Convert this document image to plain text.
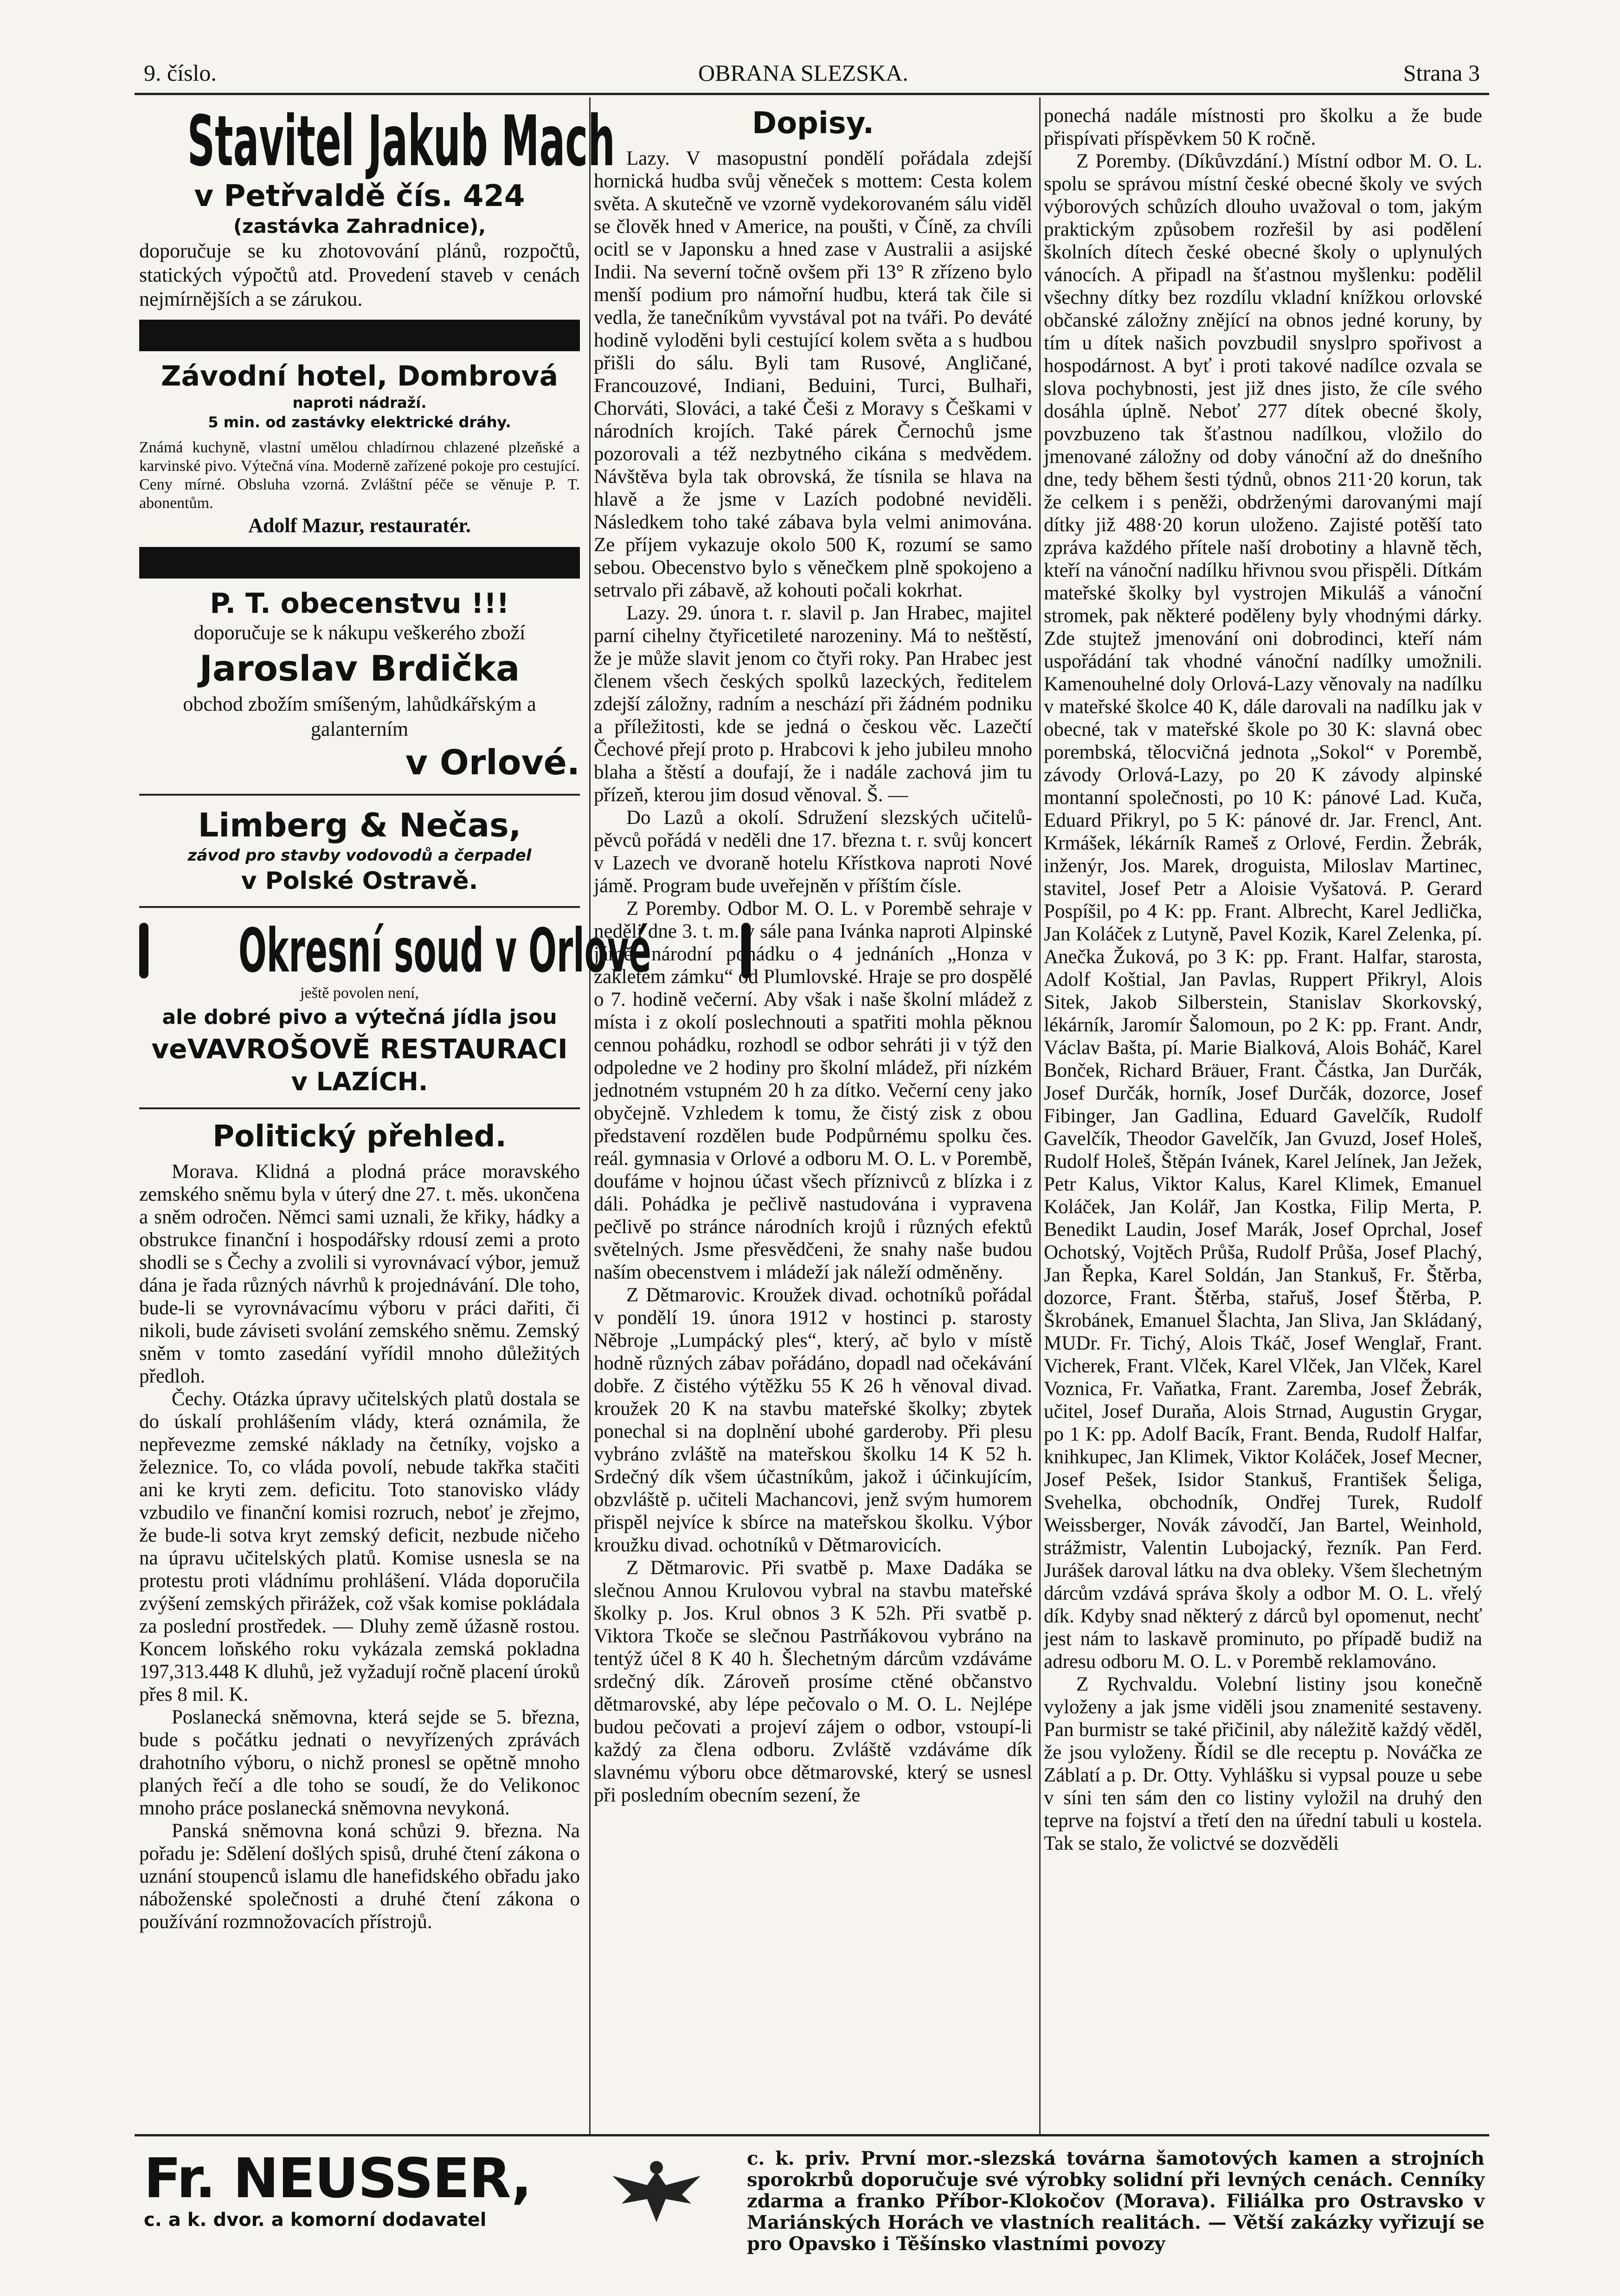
9. číslo.	OBRANA SLEZSKA.	Strana 3
Stavitel Jakub Mach
v Petřvaldě čís. 424
(zastávka Zahradnice),

doporučuje se ku zhotovování plánů, rozpočtů, statických výpočtů atd. Provedení staveb v cenách nejmírnějších a se zárukou.

Závodní hotel, Dombrová
naproti nádraží.
5 min. od zastávky elektrické dráhy.

Známá kuchyně, vlastní umělou chladírnou chlazené plzeňské a karvinské pivo. Výtečná vína. Moderně zařízené pokoje pro cestující. Ceny mírné. Obsluha vzorná. Zvláštní péče se věnuje P. T. abonentům.

Adolf Mazur, restauratér.
P. T. obecenstvu !!!
doporučuje se k nákupu veškerého zboží
Jaroslav Brdička
obchod zbožím smíšeným, lahůdkářským a galanterním
v Orlové.
Limberg & Nečas,
závod pro stavby vodovodů a čerpadel
v Polské Ostravě.
Okresní soud v Orlové
ještě povolen není,
ale dobré pivo a výtečná jídla jsou
veVAVROŠOVĚ RESTAURACI
v LAZÍCH.
Politický přehled.

Morava. Klidná a plodná práce moravského zemského sněmu byla v úterý dne 27. t. měs. ukončena a sněm odročen. Němci sami uznali, že křiky, hádky a obstrukce finanční i hospodářsky rdousí zemi a proto shodli se s Čechy a zvolili si vyrovnávací výbor, jemuž dána je řada různých návrhů k projednávání. Dle toho, bude-li se vyrovnávacímu výboru v práci dařiti, či nikoli, bude záviseti svolání zemského sněmu. Zemský sněm v tomto zasedání vyřídil mnoho důležitých předloh.

Čechy. Otázka úpravy učitelských platů dostala se do úskalí prohlášením vlády, která oznámila, že nepřevezme zemské náklady na četníky, vojsko a železnice. To, co vláda povolí, nebude takřka stačiti ani ke kryti zem. deficitu. Toto stanovisko vlády vzbudilo ve finanční komisi rozruch, neboť je zřejmo, že bude-li sotva kryt zemský deficit, nezbude ničeho na úpravu učitelských platů. Komise usnesla se na protestu proti vládnímu prohlášení. Vláda doporučila zvýšení zemských přirážek, což však komise pokládala za poslední prostředek. — Dluhy země úžasně rostou. Koncem loňského roku vykázala zemská pokladna 197,313.448 K dluhů, jež vyžadují ročně placení úroků přes 8 mil. K.

Poslanecká sněmovna, která sejde se 5. března, bude s počátku jednati o nevyřízených zprávách drahotního výboru, o nichž pronesl se opětně mnoho planých řečí a dle toho se soudí, že do Velikonoc mnoho práce poslanecká sněmovna nevykoná.

Panská sněmovna koná schůzi 9. března. Na pořadu je: Sdělení došlých spisů, druhé čtení zákona o uznání stoupenců islamu dle hanefidského obřadu jako náboženské společnosti a druhé čtení zákona o používání rozmnožovacích přístrojů.

Dopisy.

Lazy. V masopustní pondělí pořádala zdejší hornická hudba svůj věneček s mottem: Cesta kolem světa. A skutečně ve vzorně vydekorovaném sálu viděl se člověk hned v Americe, na poušti, v Číně, za chvíli ocitl se v Japonsku a hned zase v Australii a asijské Indii. Na severní točně ovšem při 13° R zřízeno bylo menší podium pro námořní hudbu, která tak čile si vedla, že tanečníkům vyvstával pot na tváři. Po deváté hodině vyloděni byli cestující kolem světa a s hudbou přišli do sálu. Byli tam Rusové, Angličané, Francouzové, Indiani, Beduini, Turci, Bulhaři, Chorváti, Slováci, a také Češi z Moravy s Češkami v národních krojích. Také párek Černochů jsme pozorovali a též nezbytného cikána s medvědem. Návštěva byla tak obrovská, že tísnila se hlava na hlavě a že jsme v Lazích podobné neviděli. Následkem toho také zábava byla velmi animována. Ze příjem vykazuje okolo 500 K, rozumí se samo sebou. Obecenstvo bylo s věnečkem plně spokojeno a setrvalo při zábavě, až kohouti počali kokrhat.

Lazy. 29. února t. r. slavil p. Jan Hrabec, majitel parní cihelny čtyřicetileté narozeniny. Má to neštěstí, že je může slavit jenom co čtyři roky. Pan Hrabec jest členem všech českých spolků lazeckých, ředitelem zdejší záložny, radním a neschází při žádném podniku a příležitosti, kde se jedná o českou věc. Lazečtí Čechové přejí proto p. Hrabcovi k jeho jubileu mnoho blaha a štěstí a doufají, že i nadále zachová jim tu přízeň, kterou jim dosud věnoval. Š. —

Do Lazů a okolí. Sdružení slezských učitelů-pěvců pořádá v neděli dne 17. března t. r. svůj koncert v Lazech ve dvoraně hotelu Křístkova naproti Nové jámě. Program bude uveřejněn v příštím čísle.

Z Poremby. Odbor M. O. L. v Porembě sehraje v neděli dne 3. t. m. v sále pana Ivánka naproti Alpinské jámě, národní pohádku o 4 jednáních „Honza v zakletém zámku“ od Plumlovské. Hraje se pro dospělé o 7. hodině večerní. Aby však i naše školní mládež z místa i z okolí poslechnouti a spatřiti mohla pěknou cennou pohádku, rozhodl se odbor sehráti ji v týž den odpoledne ve 2 hodiny pro školní mládež, při nízkém jednotném vstupném 20 h za dítko. Večerní ceny jako obyčejně. Vzhledem k tomu, že čistý zisk z obou představení rozdělen bude Podpůrnému spolku čes. reál. gymnasia v Orlové a odboru M. O. L. v Porembě, doufáme v hojnou účast všech příznivců z blízka i z dáli. Pohádka je pečlivě nastudována i vypravena pečlivě po stránce národních krojů i různých efektů světelných. Jsme přesvědčeni, že snahy naše budou naším obecenstvem i mládeží jak náleží odměněny.

Z Dětmarovic. Kroužek divad. ochotníků pořádal v pondělí 19. února 1912 v hostinci p. starosty Něbroje „Lumpácký ples“, který, ač bylo v místě hodně různých zábav pořádáno, dopadl nad očekávání dobře. Z čistého výtěžku 55 K 26 h věnoval divad. kroužek 20 K na stavbu mateřské školky; zbytek ponechal si na doplnění ubohé garderoby. Při plesu vybráno zvláště na mateřskou školku 14 K 52 h. Srdečný dík všem účastníkům, jakož i účinkujícím, obzvláště p. učiteli Machancovi, jenž svým humorem přispěl nejvíce k sbírce na mateřskou školku. Výbor kroužku divad. ochotníků v Dětmarovicích.

Z Dětmarovic. Při svatbě p. Maxe Dadáka se slečnou Annou Krulovou vybral na stavbu mateřské školky p. Jos. Krul obnos 3 K 52h. Při svatbě p. Viktora Tkoče se slečnou Pastrňákovou vybráno na tentýž účel 8 K 40 h. Šlechetným dárcům vzdáváme srdečný dík. Zároveň prosíme ctěné občanstvo dětmarovské, aby lépe pečovalo o M. O. L. Nejlépe budou pečovati a projeví zájem o odbor, vstoupí-li každý za člena odboru. Zvláště vzdáváme dík slavnému výboru obce dětmarovské, který se usnesl při posledním obecním sezení, že

ponechá nadále místnosti pro školku a že bude přispívati příspěvkem 50 K ročně.

Z Poremby. (Díkůvzdání.) Místní odbor M. O. L. spolu se správou místní české obecné školy ve svých výborových schůzích dlouho uvažoval o tom, jakým praktickým způsobem rozřešil by asi podělení školních dítech české obecné školy o uplynulých vánocích. A připadl na šťastnou myšlenku: podělil všechny dítky bez rozdílu vkladní knížkou orlovské občanské záložny znějící na obnos jedné koruny, by tím u dítek našich povzbudil snyslpro spořivost a hospodárnost. A byť i proti takové nadílce ozvala se slova pochybnosti, jest již dnes jisto, že cíle svého dosáhla úplně. Neboť 277 dítek obecné školy, povzbuzeno tak šťastnou nadílkou, vložilo do jmenované záložny od doby vánoční až do dnešního dne, tedy během šesti týdnů, obnos 211·20 korun, tak že celkem i s peněži, obdrženými darovanými mají dítky již 488·20 korun uloženo. Zajisté potěší tato zpráva každého přítele naší drobotiny a hlavně těch, kteří na vánoční nadílku hřivnou svou přispěli. Dítkám mateřské školky byl vystrojen Mikuláš a vánoční stromek, pak některé poděleny byly vhodnými dárky. Zde stujtež jmenování oni dobrodinci, kteří nám uspořádání tak vhodné vánoční nadílky umožnili. Kamenouhelné doly Orlová-Lazy věnovaly na nadílku v mateřské školce 40 K, dále darovali na nadílku jak v obecné, tak v mateřské škole po 30 K: slavná obec porembská, tělocvičná jednota „Sokol“ v Porembě, závody Orlová-Lazy, po 20 K závody alpinské montanní společnosti, po 10 K: pánové Lad. Kuča, Eduard Přikryl, po 5 K: pánové dr. Jar. Frencl, Ant. Krmášek, lékárník Rameš z Orlové, Ferdin. Žebrák, inženýr, Jos. Marek, droguista, Miloslav Martinec, stavitel, Josef Petr a Aloisie Vyšatová. P. Gerard Pospíšil, po 4 K: pp. Frant. Albrecht, Karel Jedlička, Jan Koláček z Lutyně, Pavel Kozik, Karel Zelenka, pí. Anečka Žuková, po 3 K: pp. Frant. Halfar, starosta, Adolf Koštial, Jan Pavlas, Ruppert Přikryl, Alois Sitek, Jakob Silberstein, Stanislav Skorkovský, lékárník, Jaromír Šalomoun, po 2 K: pp. Frant. Andr, Václav Bašta, pí. Marie Bialková, Alois Boháč, Karel Bonček, Richard Bräuer, Frant. Částka, Jan Durčák, Josef Durčák, horník, Josef Durčák, dozorce, Josef Fibinger, Jan Gadlina, Eduard Gavelčík, Rudolf Gavelčík, Theodor Gavelčík, Jan Gvuzd, Josef Holeš, Rudolf Holeš, Štěpán Ivánek, Karel Jelínek, Jan Ježek, Petr Kalus, Viktor Kalus, Karel Klimek, Emanuel Koláček, Jan Kolář, Jan Kostka, Filip Merta, P. Benedikt Laudin, Josef Marák, Josef Oprchal, Josef Ochotský, Vojtěch Průša, Rudolf Průša, Josef Plachý, Jan Řepka, Karel Soldán, Jan Stankuš, Fr. Štěrba, dozorce, Frant. Štěrba, stařuš, Josef Štěrba, P. Škrobánek, Emanuel Šlachta, Jan Sliva, Jan Skládaný, MUDr. Fr. Tichý, Alois Tkáč, Josef Wenglař, Frant. Vicherek, Frant. Vlček, Karel Vlček, Jan Vlček, Karel Voznica, Fr. Vaňatka, Frant. Zaremba, Josef Žebrák, učitel, Josef Duraňa, Alois Strnad, Augustin Grygar, po 1 K: pp. Adolf Bacík, Frant. Benda, Rudolf Halfar, knihkupec, Jan Klimek, Viktor Koláček, Josef Mecner, Josef Pešek, Isidor Stankuš, František Šeliga, Svehelka, obchodník, Ondřej Turek, Rudolf Weissberger, Novák závodčí, Jan Bartel, Weinhold, strážmistr, Valentin Lubojacký, řezník. Pan Ferd. Jurášek daroval látku na dva obleky. Všem šlechetným dárcům vzdává správa školy a odbor M. O. L. vřelý dík. Kdyby snad některý z dárců byl opomenut, nechť jest nám to laskavě prominuto, po případě budiž na adresu odboru M. O. L. v Porembě reklamováno.

Z Rychvaldu. Volební listiny jsou konečně vyloženy a jak jsme viděli jsou znamenité sestaveny. Pan burmistr se také přičinil, aby náležitě každý věděl, že jsou vyloženy. Řídil se dle receptu p. Nováčka ze Záblatí a p. Dr. Otty. Vyhlášku si vypsal pouze u sebe v síni ten sám den co listiny vyložil na druhý den teprve na fojství a třetí den na úřední tabuli u kostela. Tak se stalo, že volictvé se dozvěděli

Fr. NEUSSER,
c. a k. dvor. a komorní dodavatel

c. k. priv. První mor.-slezská továrna šamotových kamen a strojních sporokrbů doporučuje své výrobky solidní při levných cenách. Cenníky zdarma a franko Příbor-Klokočov (Morava). Filiálka pro Ostravsko v Mariánských Horách ve vlastních realitách. — Větší zakázky vyřizují se pro Opavsko i Těšínsko vlastními povozy
